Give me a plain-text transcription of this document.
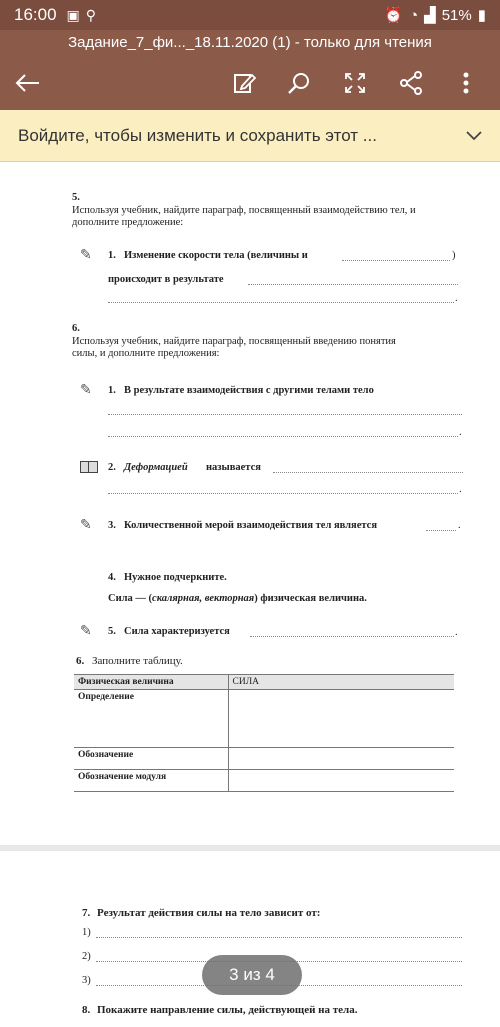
16:00 ▣ ⚲	⏰ ◔ ▟ 51% ▮
Задание_7_фи..._18.11.2020 (1) - только для чтения
Войдите, чтобы изменить и сохранить этот ...
5.
Используя учебник, найдите параграф, посвященный взаимодействию тел, и
дополните предложение:
✎ 1. Изменение скорости тела (величины и	)
происходит в результате
.
6.
Используя учебник, найдите параграф, посвященный введению понятия
силы, и дополните предложения:
✎ 1. В результате взаимодействия с другими телами тело
.
2. Деформацией называется
.
✎ 3. Количественной мерой взаимодействия тел является	.
4. Нужное подчеркните.
Сила — (скалярная, векторная) физическая величина.
✎ 5. Сила характеризуется	.
6. Заполните таблицу.
Физическая величина	СИЛА
Определение	
Обозначение	
Обозначение модуля	
7. Результат действия силы на тело зависит от:
1)
2)
3)
8. Покажите направление силы, действующей на тела.
3 из 4
